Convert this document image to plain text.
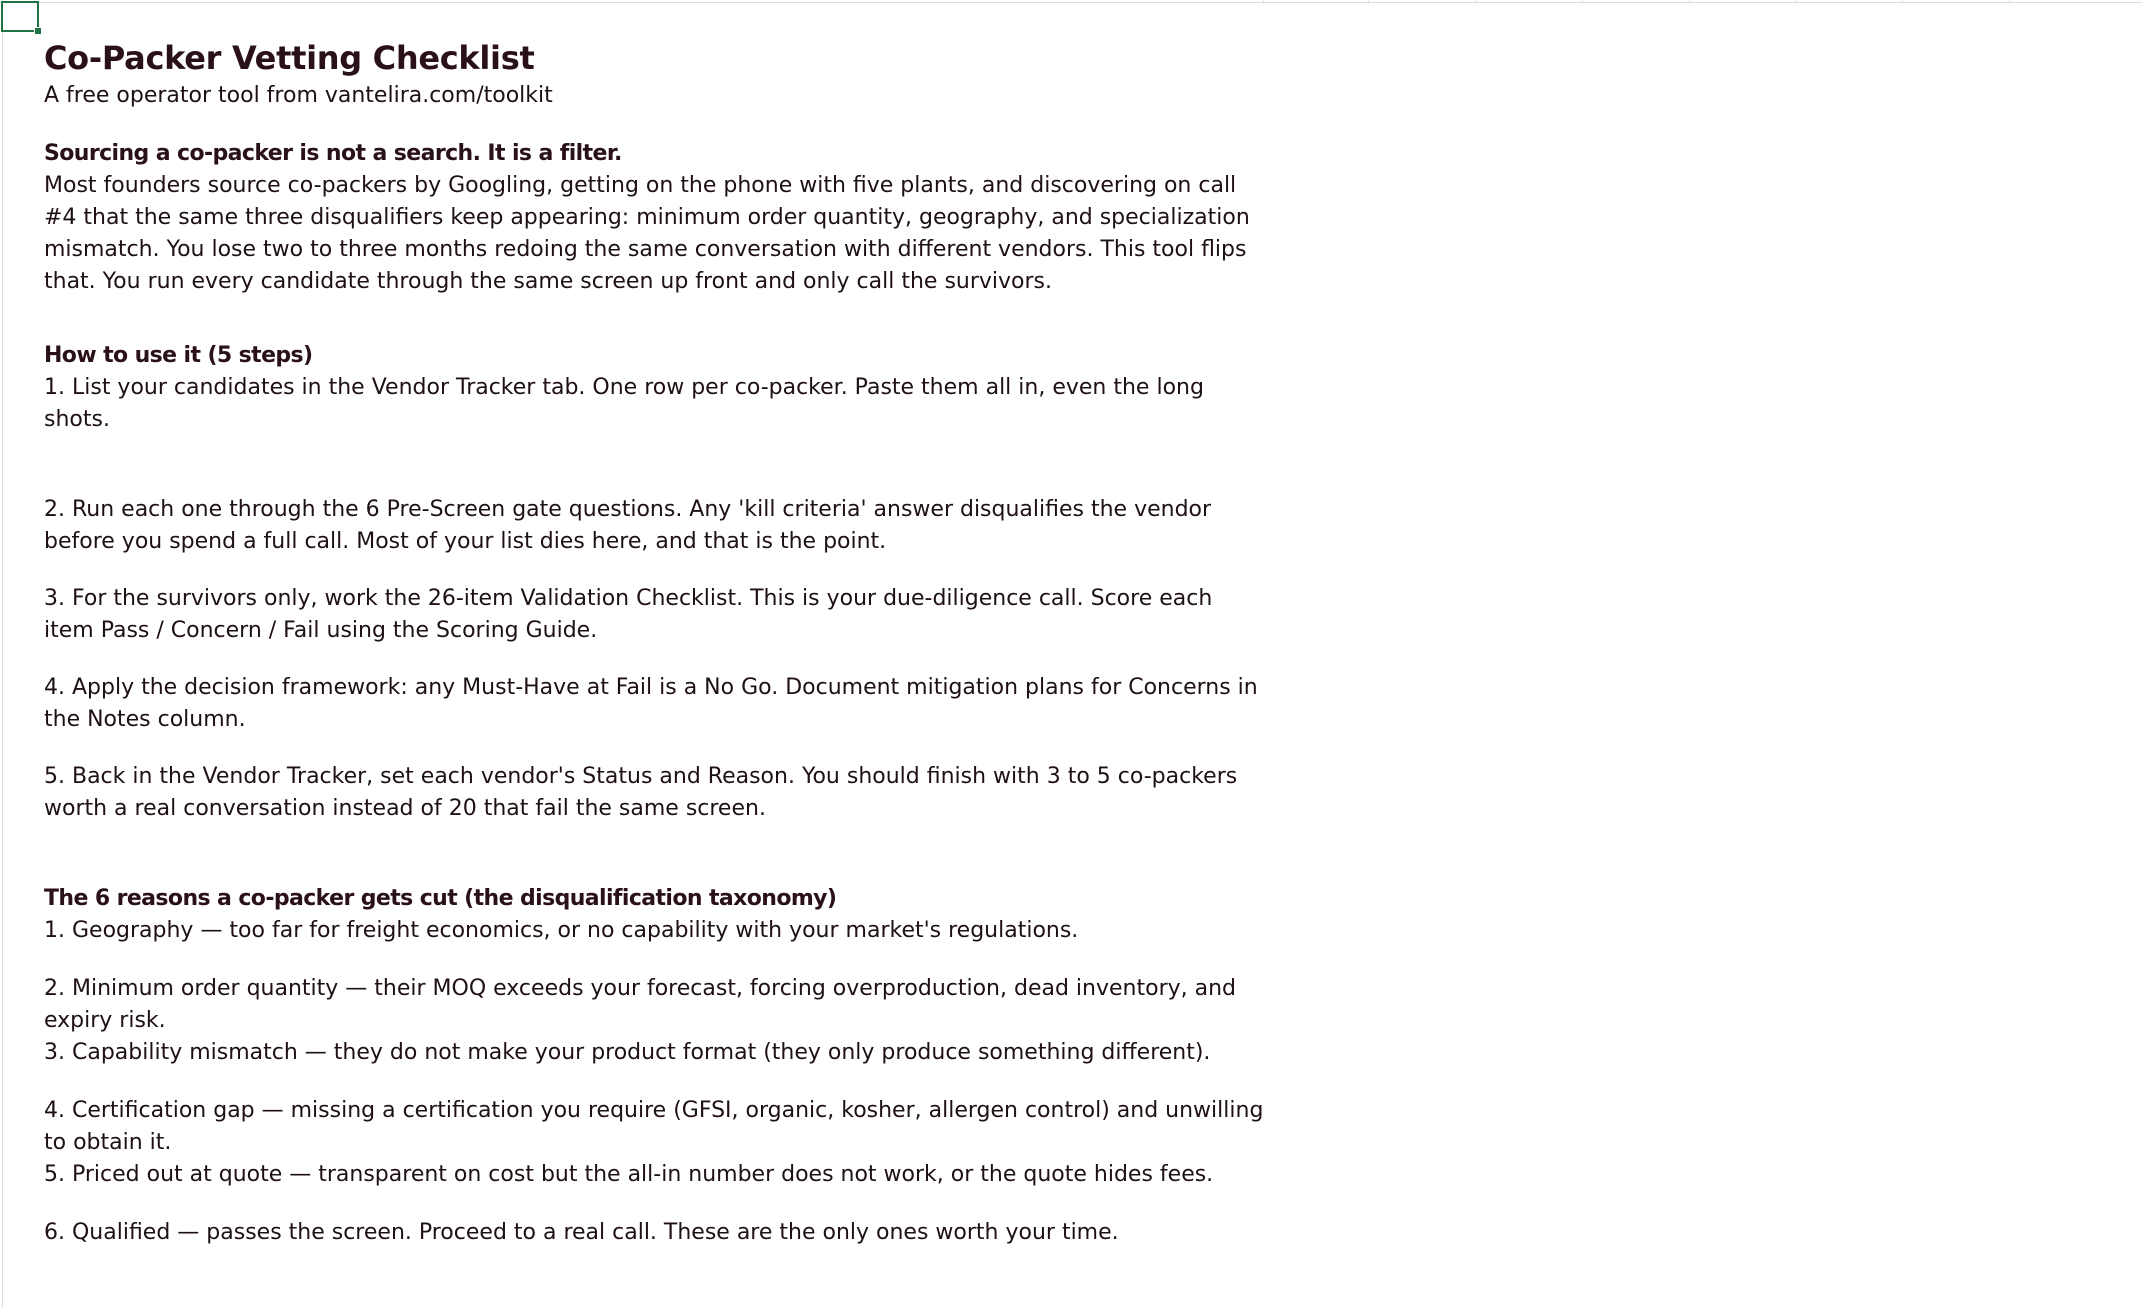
Co-Packer Vetting Checklist

A free operator tool from vantelira.com/toolkit

Sourcing a co-packer is not a search. It is a filter.

Most founders source co-packers by Googling, getting on the phone with five plants, and discovering on call #4 that the same three disqualifiers keep appearing: minimum order quantity, geography, and specialization mismatch. You lose two to three months redoing the same conversation with different vendors. This tool flips that. You run every candidate through the same screen up front and only call the survivors.

How to use it (5 steps)

1. List your candidates in the Vendor Tracker tab. One row per co-packer. Paste them all in, even the long shots.

2. Run each one through the 6 Pre-Screen gate questions. Any 'kill criteria' answer disqualifies the vendor before you spend a full call. Most of your list dies here, and that is the point.

3. For the survivors only, work the 26-item Validation Checklist. This is your due-diligence call. Score each item Pass / Concern / Fail using the Scoring Guide.

4. Apply the decision framework: any Must-Have at Fail is a No Go. Document mitigation plans for Concerns in the Notes column.

5. Back in the Vendor Tracker, set each vendor's Status and Reason. You should finish with 3 to 5 co-packers worth a real conversation instead of 20 that fail the same screen.

The 6 reasons a co-packer gets cut (the disqualification taxonomy)

1. Geography — too far for freight economics, or no capability with your market's regulations.

2. Minimum order quantity — their MOQ exceeds your forecast, forcing overproduction, dead inventory, and expiry risk.

3. Capability mismatch — they do not make your product format (they only produce something different).

4. Certification gap — missing a certification you require (GFSI, organic, kosher, allergen control) and unwilling to obtain it.

5. Priced out at quote — transparent on cost but the all-in number does not work, or the quote hides fees.

6. Qualified — passes the screen. Proceed to a real call. These are the only ones worth your time.
